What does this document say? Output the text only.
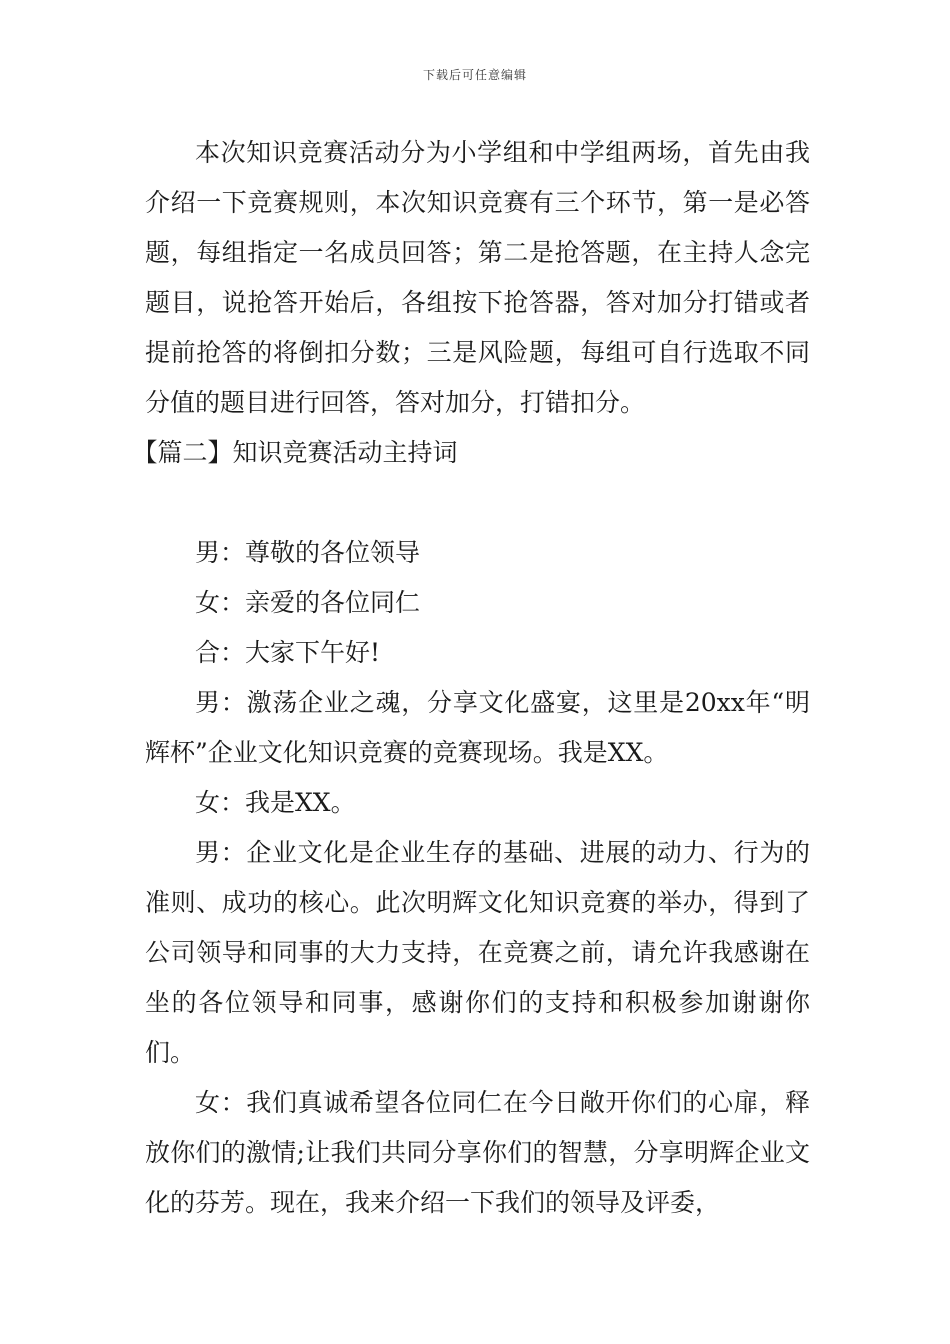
下载后可任意编辑

本次知识竞赛活动分为小学组和中学组两场，首先由我介绍一下竞赛规则，本次知识竞赛有三个环节，第一是必答题，每组指定一名成员回答；第二是抢答题，在主持人念完题目，说抢答开始后，各组按下抢答器，答对加分打错或者提前抢答的将倒扣分数；三是风险题，每组可自行选取不同分值的题目进行回答，答对加分，打错扣分。

【篇二】知识竞赛活动主持词

男：尊敬的各位领导

女：亲爱的各位同仁

合：大家下午好!

男：激荡企业之魂，分享文化盛宴，这里是20xx年“明辉杯”企业文化知识竞赛的竞赛现场。我是XX。

女：我是XX。

男：企业文化是企业生存的基础、进展的动力、行为的准则、成功的核心。此次明辉文化知识竞赛的举办，得到了公司领导和同事的大力支持，在竞赛之前，请允许我感谢在坐的各位领导和同事，感谢你们的支持和积极参加谢谢你们。

女：我们真诚希望各位同仁在今日敞开你们的心扉，释放你们的激情;让我们共同分享你们的智慧，分享明辉企业文化的芬芳。现在，我来介绍一下我们的领导及评委，
